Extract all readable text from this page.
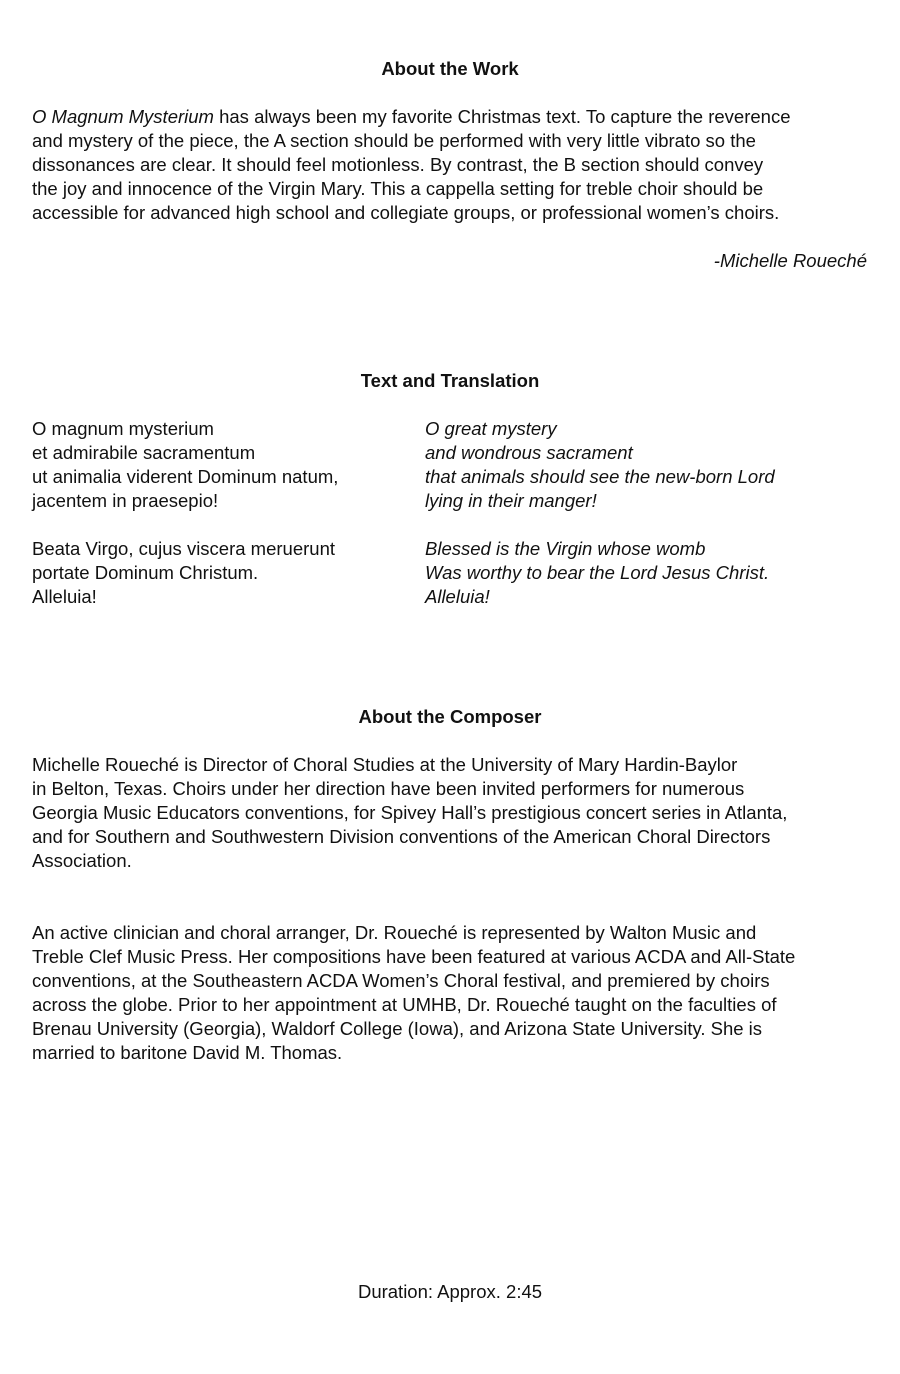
About the Work
O Magnum Mysterium has always been my favorite Christmas text. To capture the reverence
and mystery of the piece, the A section should be performed with very little vibrato so the
dissonances are clear. It should feel motionless. By contrast, the B section should convey
the joy and innocence of the Virgin Mary. This a cappella setting for treble choir should be
accessible for advanced high school and collegiate groups, or professional women’s choirs.
-Michelle Roueché
Text and Translation
O magnum mysterium
et admirabile sacramentum
ut animalia viderent Dominum natum,
jacentem in praesepio!
O great mystery
and wondrous sacrament
that animals should see the new-born Lord
lying in their manger!
Beata Virgo, cujus viscera meruerunt
portate Dominum Christum.
Alleluia!
Blessed is the Virgin whose womb
Was worthy to bear the Lord Jesus Christ.
Alleluia!
About the Composer
Michelle Roueché is Director of Choral Studies at the University of Mary Hardin-Baylor
in Belton, Texas. Choirs under her direction have been invited performers for numerous
Georgia Music Educators conventions, for Spivey Hall’s prestigious concert series in Atlanta,
and for Southern and Southwestern Division conventions of the American Choral Directors
Association.
An active clinician and choral arranger, Dr. Roueché is represented by Walton Music and
Treble Clef Music Press. Her compositions have been featured at various ACDA and All-State
conventions, at the Southeastern ACDA Women’s Choral festival, and premiered by choirs
across the globe. Prior to her appointment at UMHB, Dr. Roueché taught on the faculties of
Brenau University (Georgia), Waldorf College (Iowa), and Arizona State University. She is
married to baritone David M. Thomas.
Duration: Approx. 2:45
